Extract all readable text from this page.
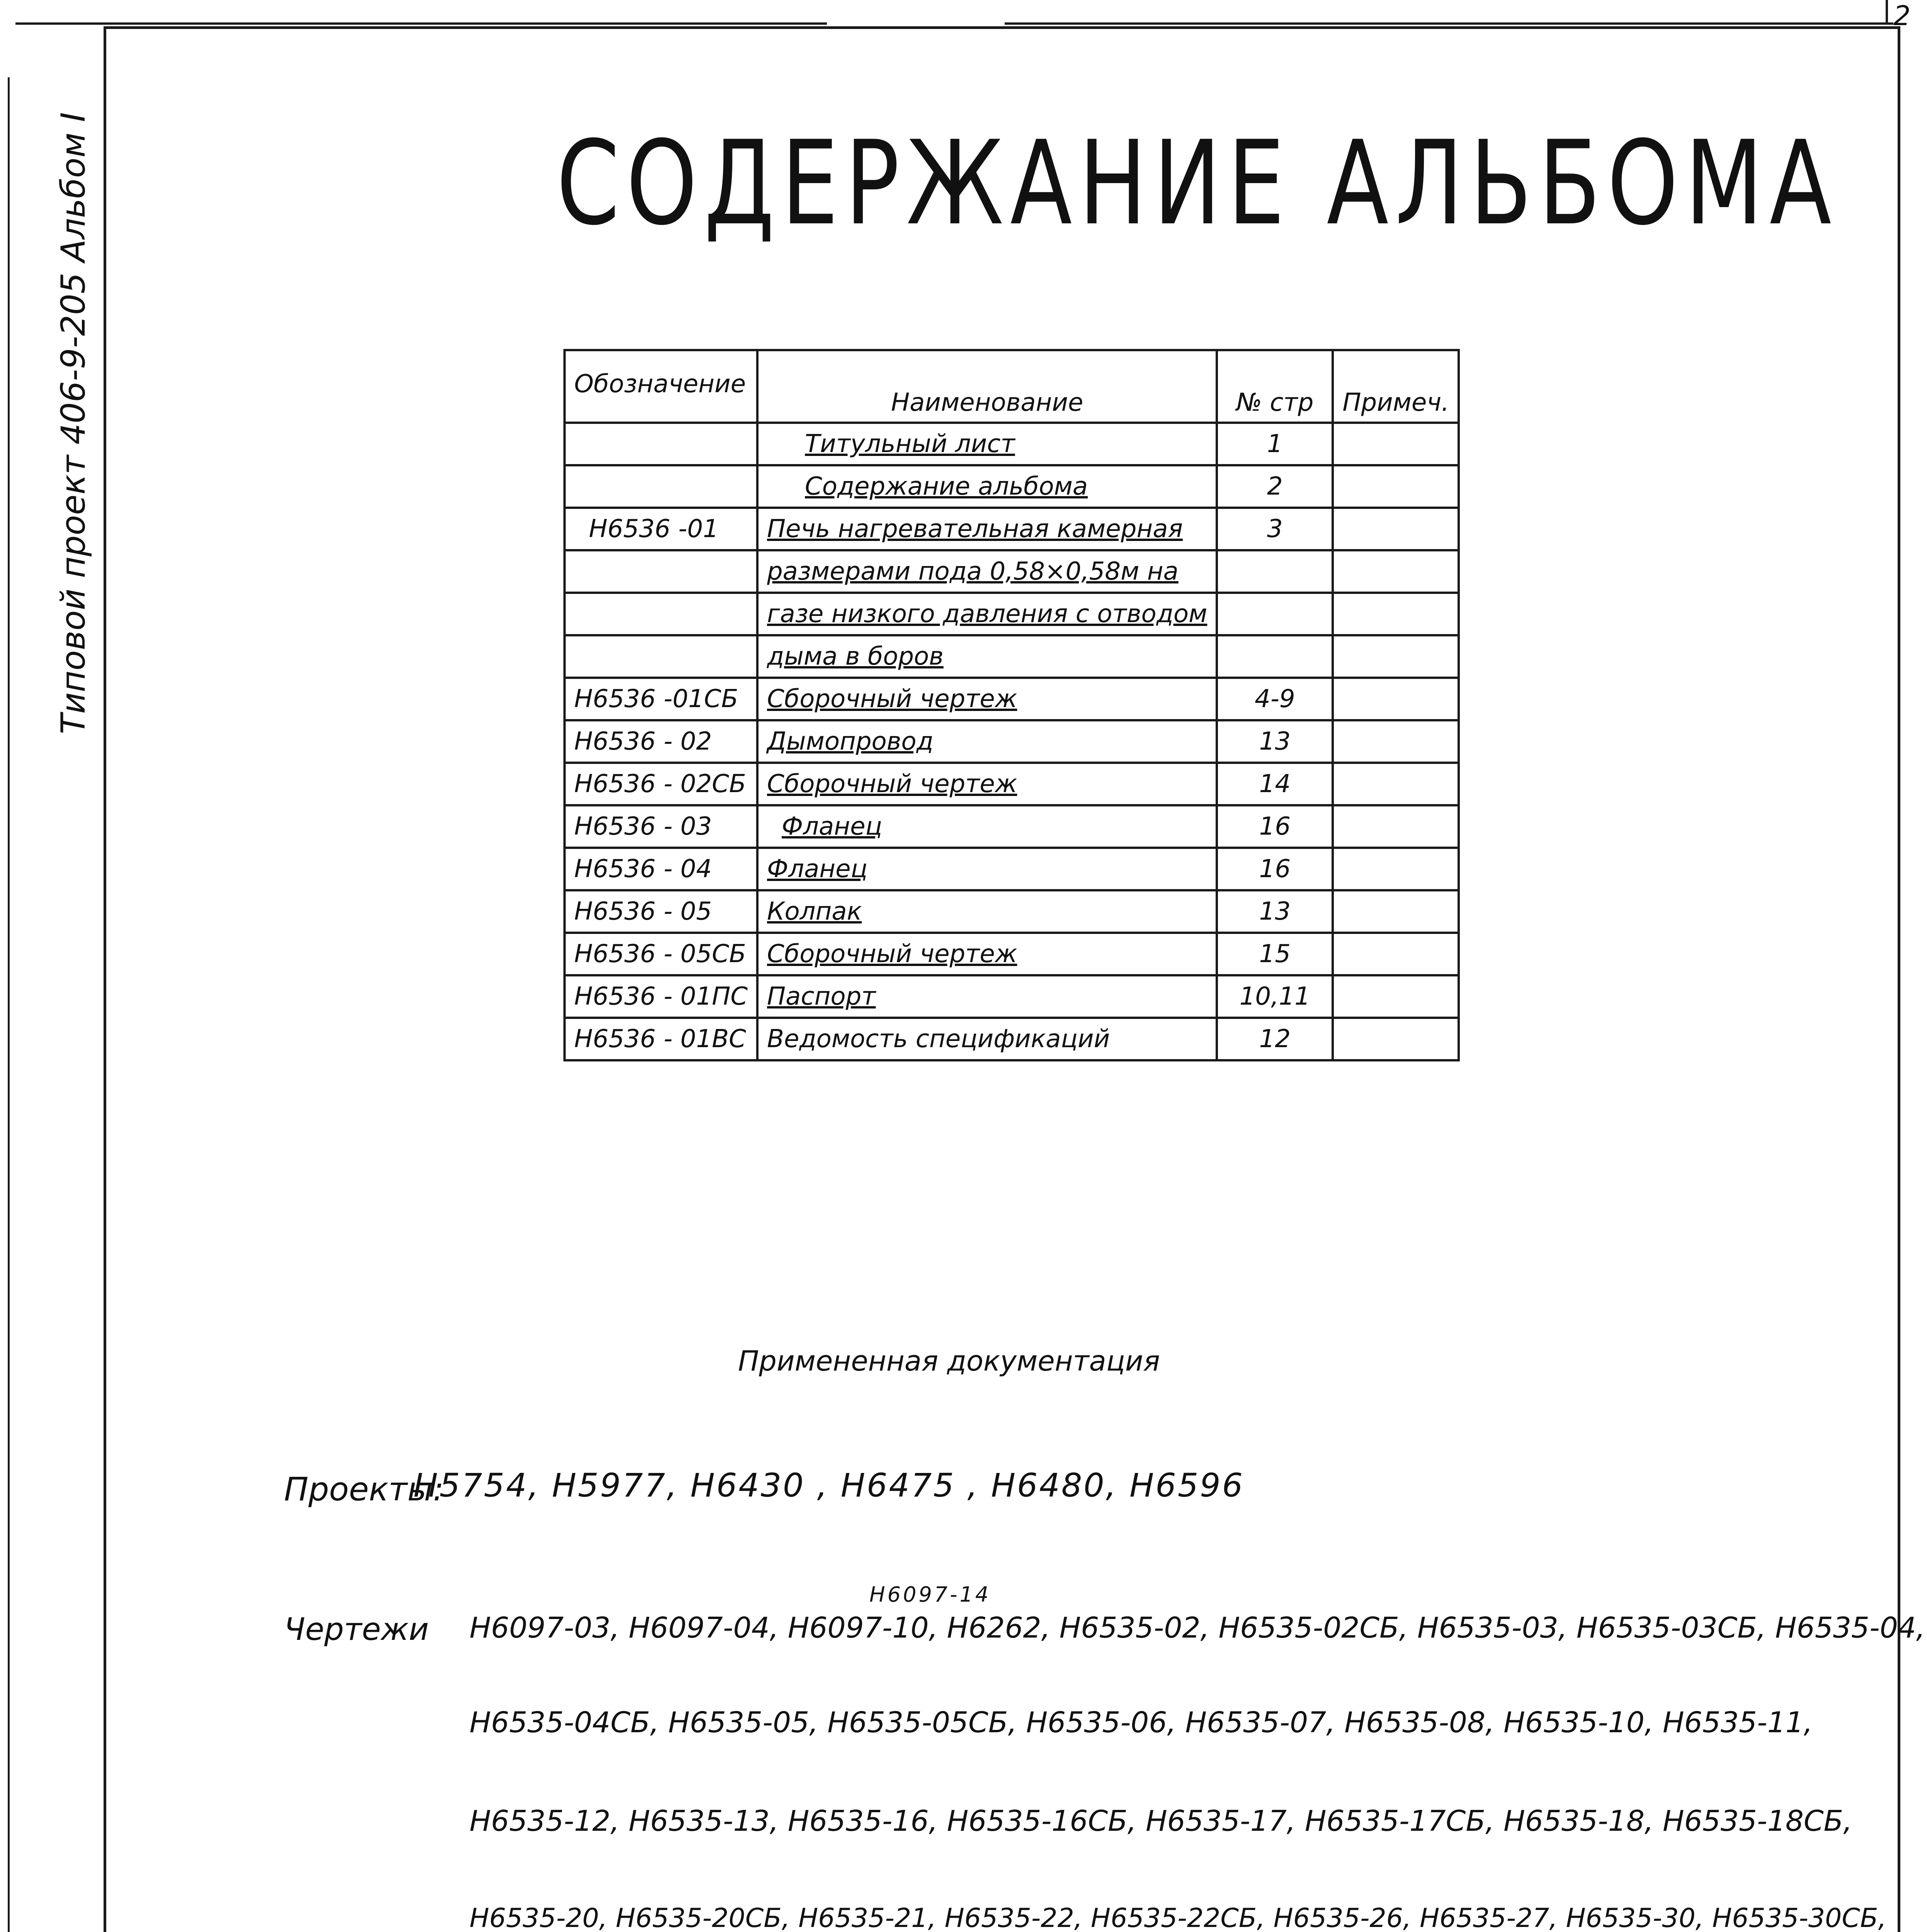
2
Типовой проект 406-9-205 Альбом I	СОДЕРЖАНИЕ АЛЬБОМА
Обозначение	Наименование	№ стр	Примеч.
	Титульный лист	1	
	Содержание альбома	2	
Н6536 -01	Печь нагревательная камерная	3	
	размерами пода 0,58×0,58м на		
	газе низкого давления с отводом		
	дыма в боров		
Н6536 -01СБ	Сборочный чертеж	4-9	
Н6536 - 02	Дымопровод	13	
Н6536 - 02СБ	Сборочный чертеж	14	
Н6536 - 03	Фланец	16	
Н6536 - 04	Фланец	16	
Н6536 - 05	Колпак	13	
Н6536 - 05СБ	Сборочный чертеж	15	
Н6536 - 01ПС	Паспорт	10,11	
Н6536 - 01ВС	Ведомость спецификаций	12	
Примененная документация
Проекты:
Н5754, Н5977, Н6430 , Н6475 , Н6480, Н6596
Н6097-14
Чертежи Н6097-03, Н6097-04, Н6097-10, Н6262, Н6535-02, Н6535-02СБ, Н6535-03, Н6535-03СБ, Н6535-04,
Н6535-04СБ, Н6535-05, Н6535-05СБ, Н6535-06, Н6535-07, Н6535-08, Н6535-10, Н6535-11,
Н6535-12, Н6535-13, Н6535-16, Н6535-16СБ, Н6535-17, Н6535-17СБ, Н6535-18, Н6535-18СБ,
Н6535-20, Н6535-20СБ, Н6535-21, Н6535-22, Н6535-22СБ, Н6535-26, Н6535-27, Н6535-30, Н6535-30СБ,
